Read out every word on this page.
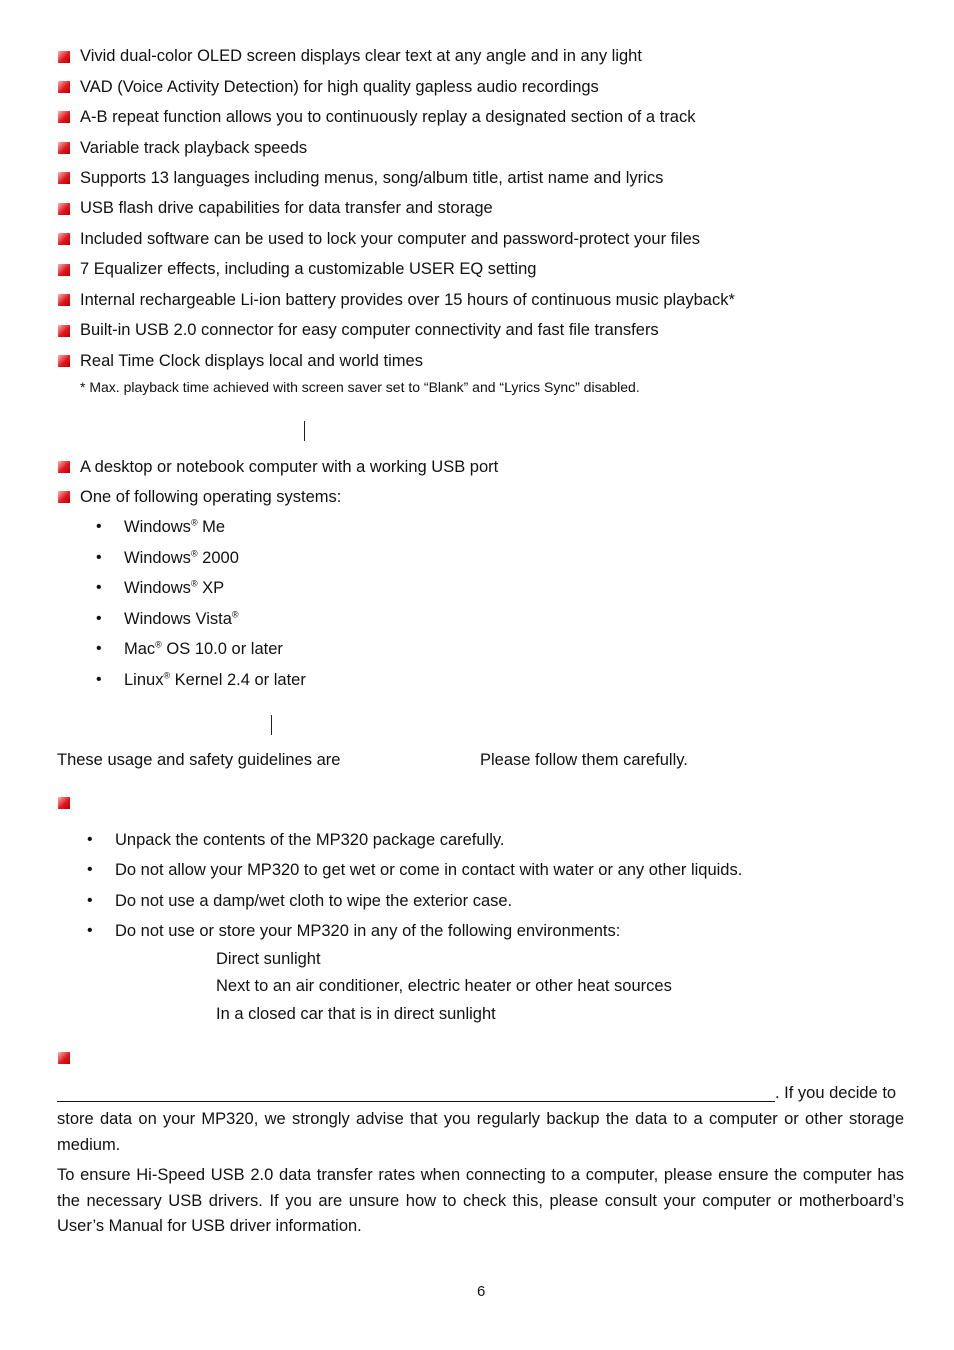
Vivid dual-color OLED screen displays clear text at any angle and in any light
VAD (Voice Activity Detection) for high quality gapless audio recordings
A-B repeat function allows you to continuously replay a designated section of a track
Variable track playback speeds
Supports 13 languages including menus, song/album title, artist name and lyrics
USB flash drive capabilities for data transfer and storage
Included software can be used to lock your computer and password-protect your files
7 Equalizer effects, including a customizable USER EQ setting
Internal rechargeable Li-ion battery provides over 15 hours of continuous music playback*
Built-in USB 2.0 connector for easy computer connectivity and fast file transfers
Real Time Clock displays local and world times
* Max. playback time achieved with screen saver set to “Blank” and “Lyrics Sync” disabled.
A desktop or notebook computer with a working USB port
One of following operating systems:
• Windows® Me
• Windows® 2000
• Windows® XP
• Windows Vista®
• Mac® OS 10.0 or later
• Linux® Kernel 2.4 or later
These usage and safety guidelines are	Please follow them carefully.
• Unpack the contents of the MP320 package carefully.
• Do not allow your MP320 to get wet or come in contact with water or any other liquids.
• Do not use a damp/wet cloth to wipe the exterior case.
• Do not use or store your MP320 in any of the following environments:
Direct sunlight
Next to an air conditioner, electric heater or other heat sources
In a closed car that is in direct sunlight
. If you decide to
store data on your MP320, we strongly advise that you regularly backup the data to a computer or other storage medium.
To ensure Hi-Speed USB 2.0 data transfer rates when connecting to a computer, please ensure the computer has the necessary USB drivers. If you are unsure how to check this, please consult your computer or motherboard’s User’s Manual for USB driver information.
6
